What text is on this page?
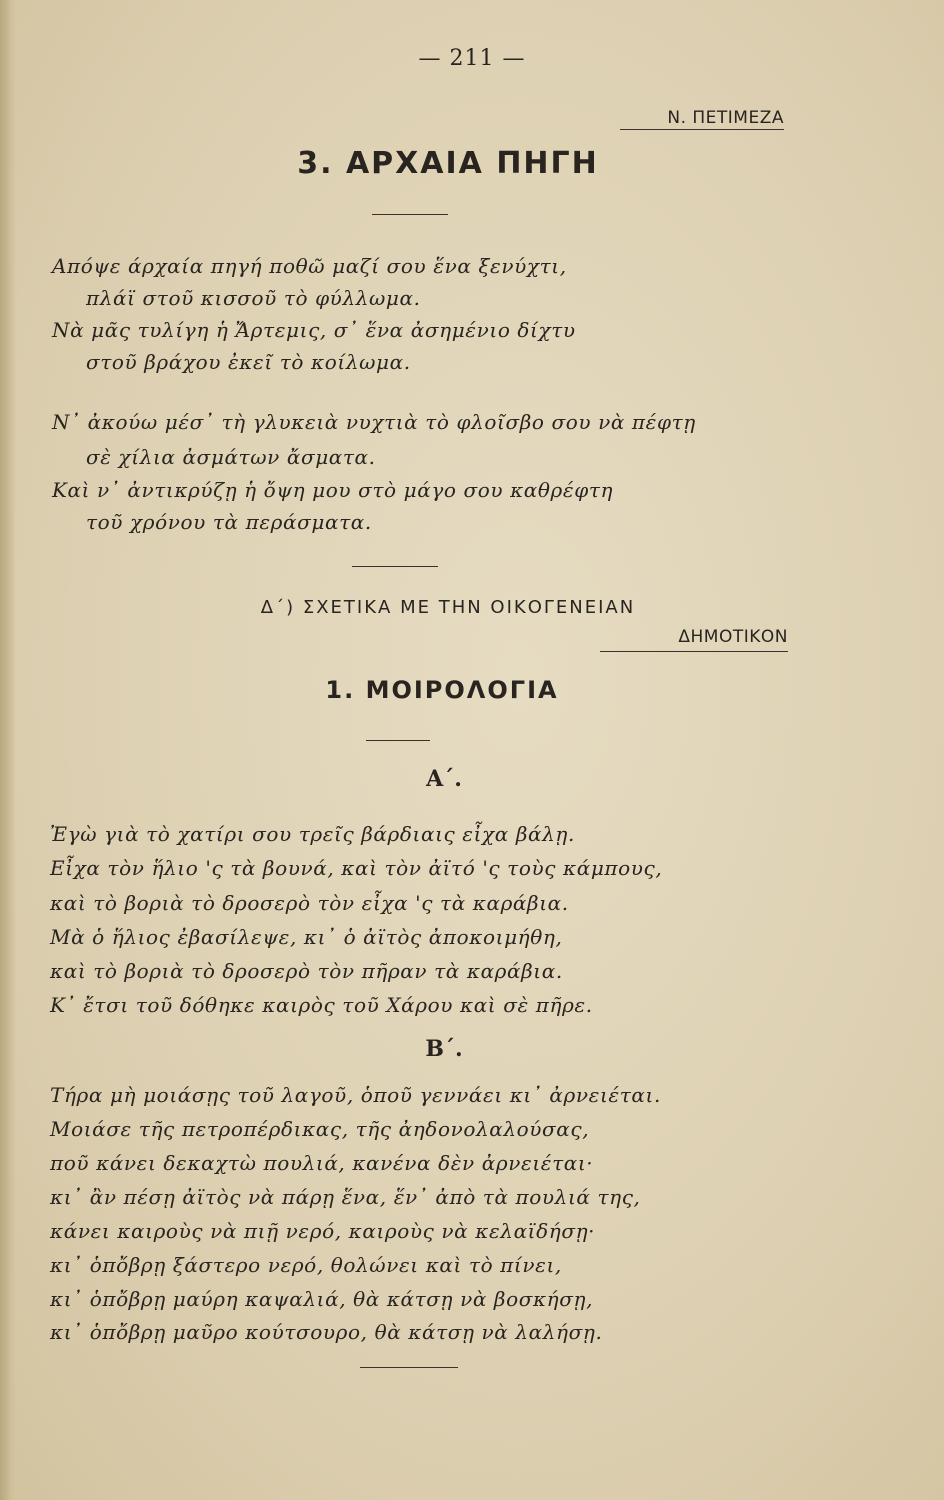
— 211 —
Ν. ΠΕΤΙΜΕΖΑ
3. ΑΡΧΑΙΑ ΠΗΓΗ
Απόψε άρχαία πηγή ποθῶ μαζί σου ἕνα ξενύχτι,
πλάϊ στοῦ κισσοῦ τὸ φύλλωμα.
Νὰ μᾶς τυλίγη ἡ Ἄρτεμις, σ᾽ ἕνα ἀσημένιο δίχτυ
στοῦ βράχου ἐκεῖ τὸ κοίλωμα.
Ν᾽ ἀκούω μέσ᾽ τὴ γλυκειὰ νυχτιὰ τὸ φλοῖσβο σου νὰ πέφτῃ
σὲ χίλια ἀσμάτων ἄσματα.
Καὶ ν᾽ ἀντικρύζῃ ἡ ὄψη μου στὸ μάγο σου καθρέφτη
τοῦ χρόνου τὰ περάσματα.
Δ΄) ΣΧΕΤΙΚΑ ΜΕ ΤΗΝ ΟΙΚΟΓΕΝΕΙΑΝ
ΔΗΜΟΤΙΚΟΝ
1. ΜΟΙΡΟΛΟΓΙΑ
Α΄.
Ἐγὼ γιὰ τὸ χατίρι σου τρεῖς βάρδιαις εἶχα βάλῃ.
Εἶχα τὸν ἥλιο 'ς τὰ βουνά, καὶ τὸν ἀϊτό 'ς τοὺς κάμπους,
καὶ τὸ βοριὰ τὸ δροσερὸ τὸν εἶχα 'ς τὰ καράβια.
Μὰ ὁ ἥλιος ἐβασίλεψε, κι᾽ ὁ ἀϊτὸς ἀποκοιμήθη,
καὶ τὸ βοριὰ τὸ δροσερὸ τὸν πῆραν τὰ καράβια.
Κ᾽ ἔτσι τοῦ δόθηκε καιρὸς τοῦ Χάρου καὶ σὲ πῆρε.
Β΄.
Τήρα μὴ μοιάσῃς τοῦ λαγοῦ, ὁποῦ γεννάει κι᾽ ἀρνειέται.
Μοιάσε τῆς πετροπέρδικας, τῆς ἀηδονολαλούσας,
ποῦ κάνει δεκαχτὼ πουλιά, κανένα δὲν ἀρνειέται·
κι᾽ ἂν πέσῃ ἀϊτὸς νὰ πάρῃ ἕνα, ἕν᾽ ἀπὸ τὰ πουλιά της,
κάνει καιροὺς νὰ πιῇ νερό, καιροὺς νὰ κελαϊδήσῃ·
κι᾽ ὁπὄβρῃ ξάστερο νερό, θολώνει καὶ τὸ πίνει,
κι᾽ ὁπὄβρῃ μαύρη καψαλιά, θὰ κάτσῃ νὰ βοσκήσῃ,
κι᾽ ὁπὄβρῃ μαῦρο κούτσουρο, θὰ κάτσῃ νὰ λαλήσῃ.
